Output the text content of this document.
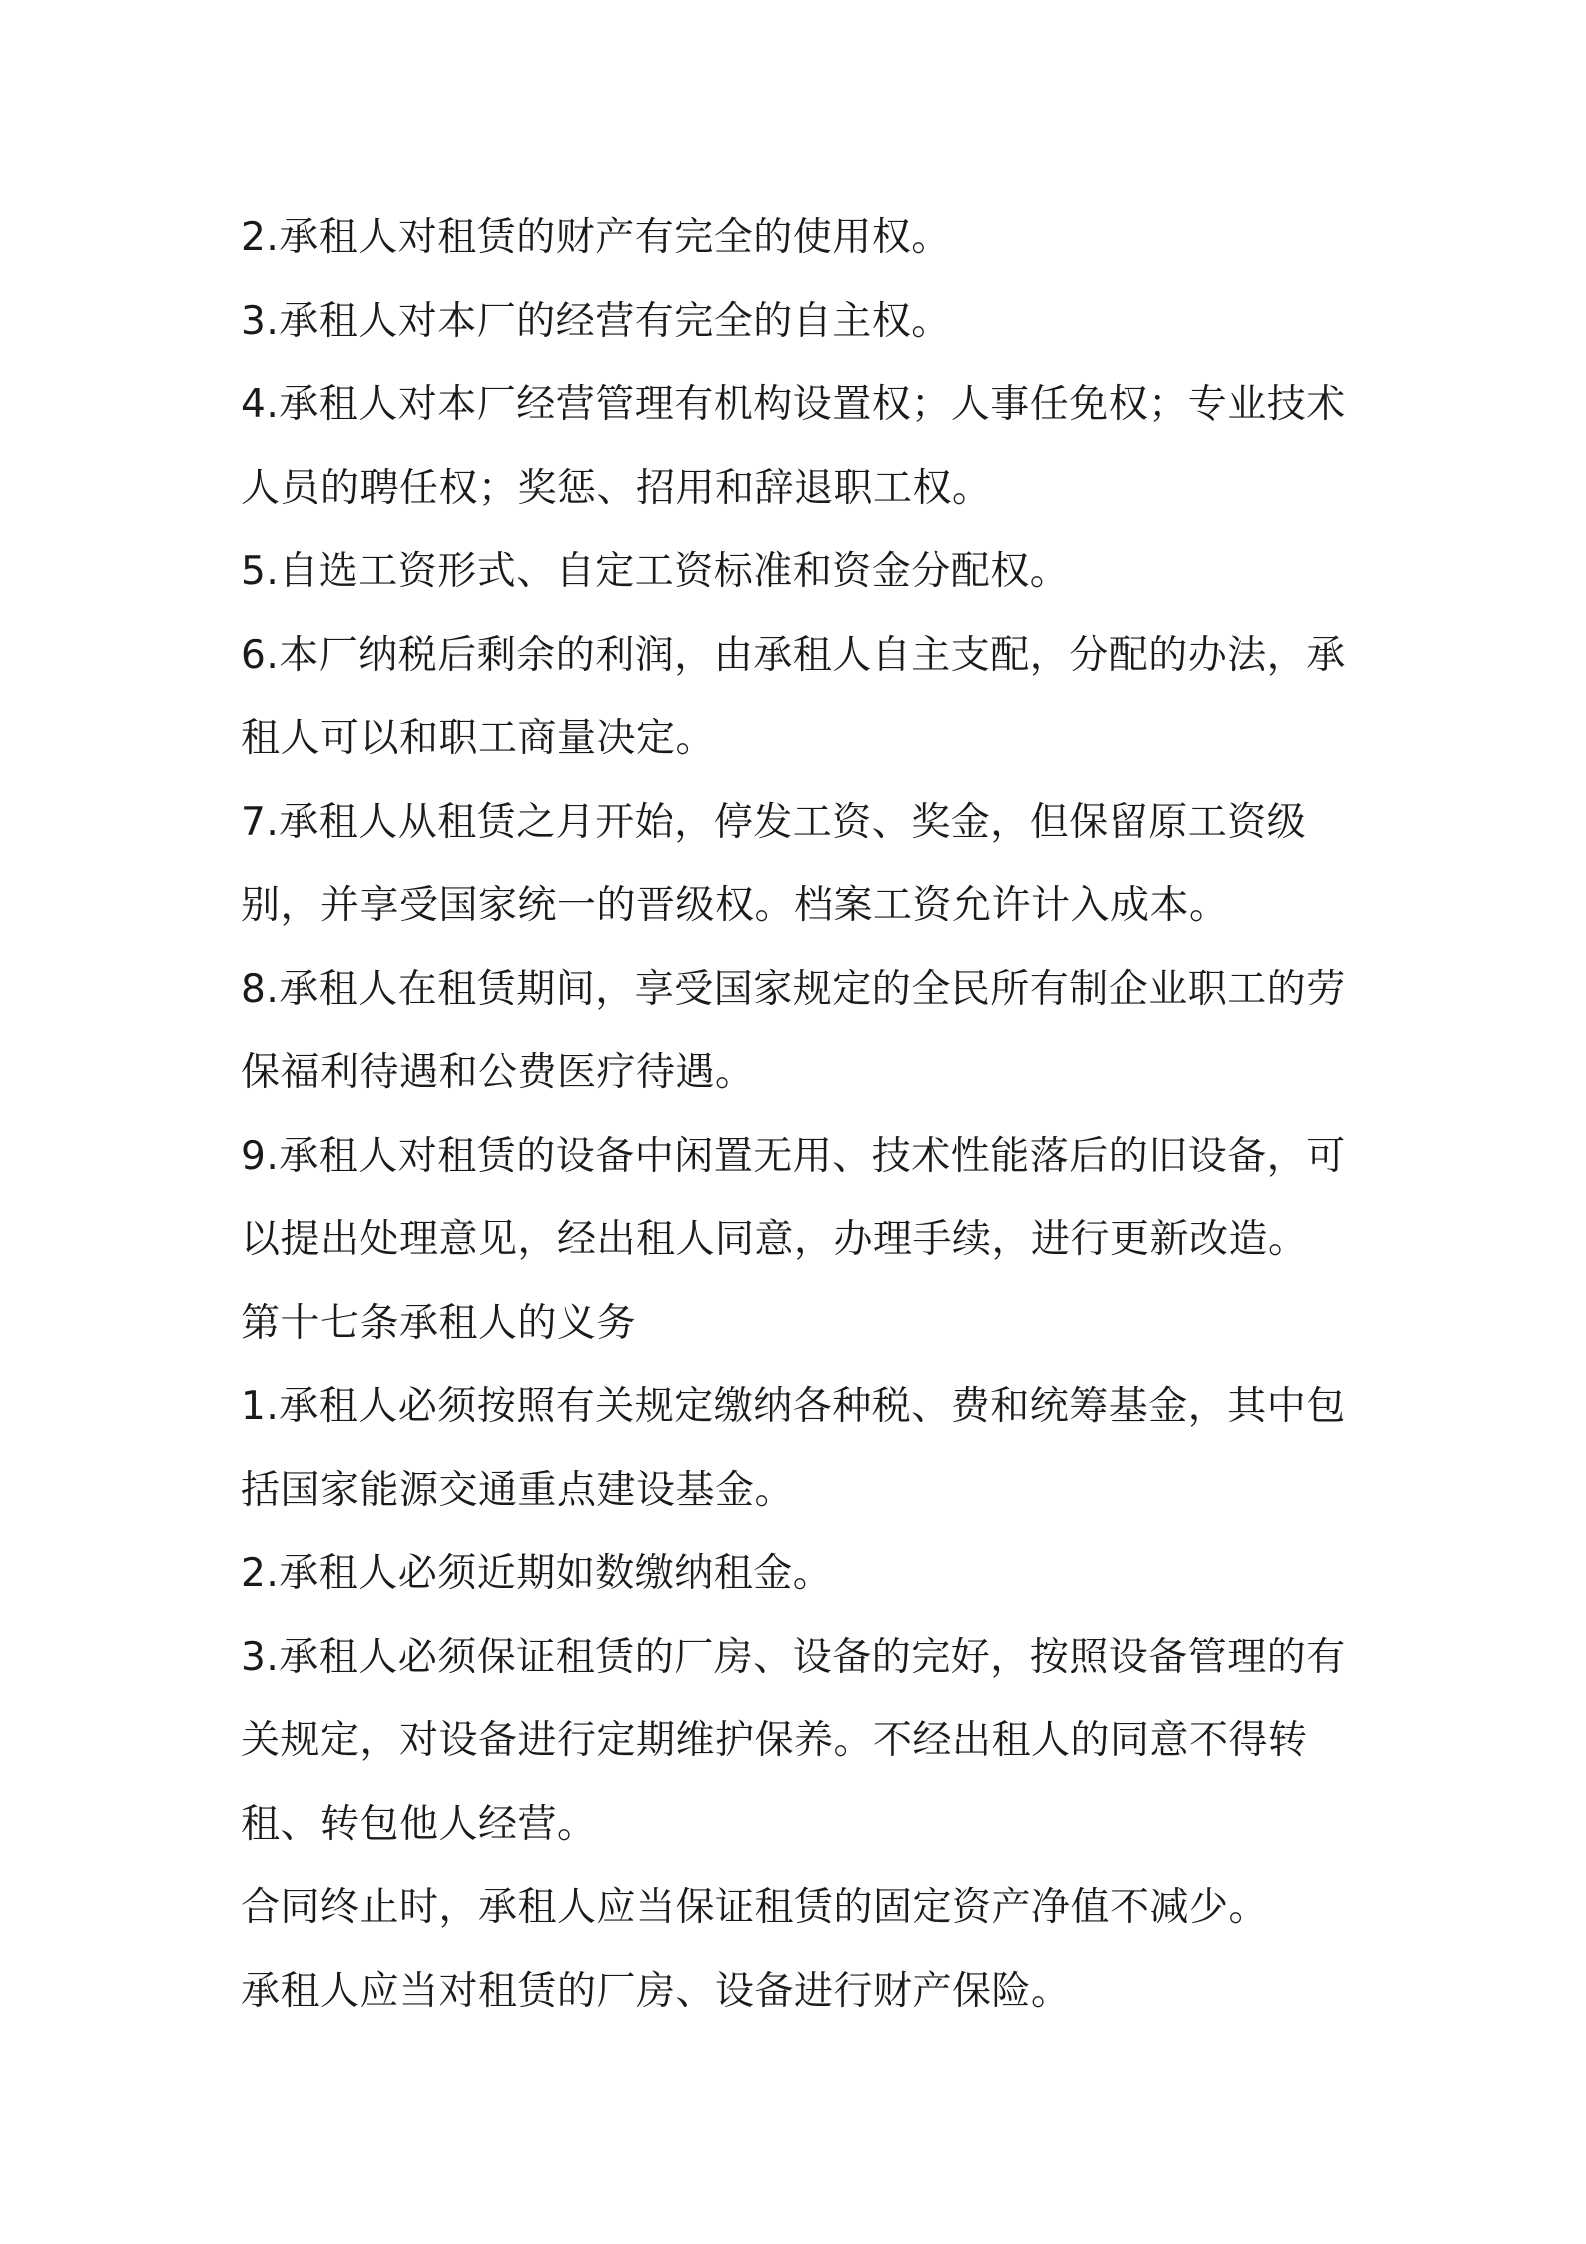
2.承租人对租赁的财产有完全的使用权。

3.承租人对本厂的经营有完全的自主权。

4.承租人对本厂经营管理有机构设置权；人事任免权；专业技术人员的聘任权；奖惩、招用和辞退职工权。

5.自选工资形式、自定工资标准和资金分配权。

6.本厂纳税后剩余的利润，由承租人自主支配，分配的办法，承租人可以和职工商量决定。

7.承租人从租赁之月开始，停发工资、奖金，但保留原工资级别，并享受国家统一的晋级权。档案工资允许计入成本。

8.承租人在租赁期间，享受国家规定的全民所有制企业职工的劳保福利待遇和公费医疗待遇。

9.承租人对租赁的设备中闲置无用、技术性能落后的旧设备，可以提出处理意见，经出租人同意，办理手续，进行更新改造。

第十七条承租人的义务

1.承租人必须按照有关规定缴纳各种税、费和统筹基金，其中包括国家能源交通重点建设基金。

2.承租人必须近期如数缴纳租金。

3.承租人必须保证租赁的厂房、设备的完好，按照设备管理的有关规定，对设备进行定期维护保养。不经出租人的同意不得转租、转包他人经营。

合同终止时，承租人应当保证租赁的固定资产净值不减少。

承租人应当对租赁的厂房、设备进行财产保险。
